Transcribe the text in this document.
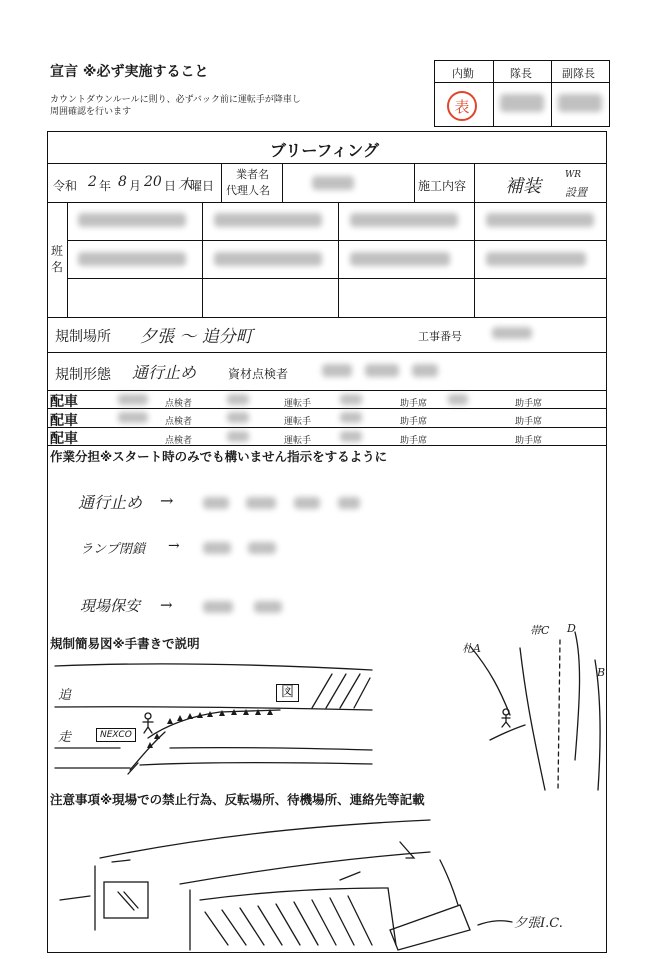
宣言 ※必ず実施すること
カウントダウンルールに則り、必ずバック前に運転手が降車し
周囲確認を行います
内勤	隊長	副隊長
表
ブリーフィング
令和 2 年 8 月 20 日 木
曜日
業者名
代理人名	施工内容 補装
WR
設置
班名
規制場所 夕張 〜 追分町	工事番号
規制形態 通行止め	資材点検者
配車	点検者	運転手	助手席	助手席
配車	点検者	運転手	助手席	助手席
配車	点検者	運転手	助手席	助手席
作業分担※スタート時のみでも構いません指示をするように
通行止め →
ランプ閉鎖 →
現場保安 →
規制簡易図※手書きで説明
追
走	NEXCO
図
札A
帯C D
B
注意事項※現場での禁止行為、反転場所、待機場所、連絡先等記載
夕張I.C.
